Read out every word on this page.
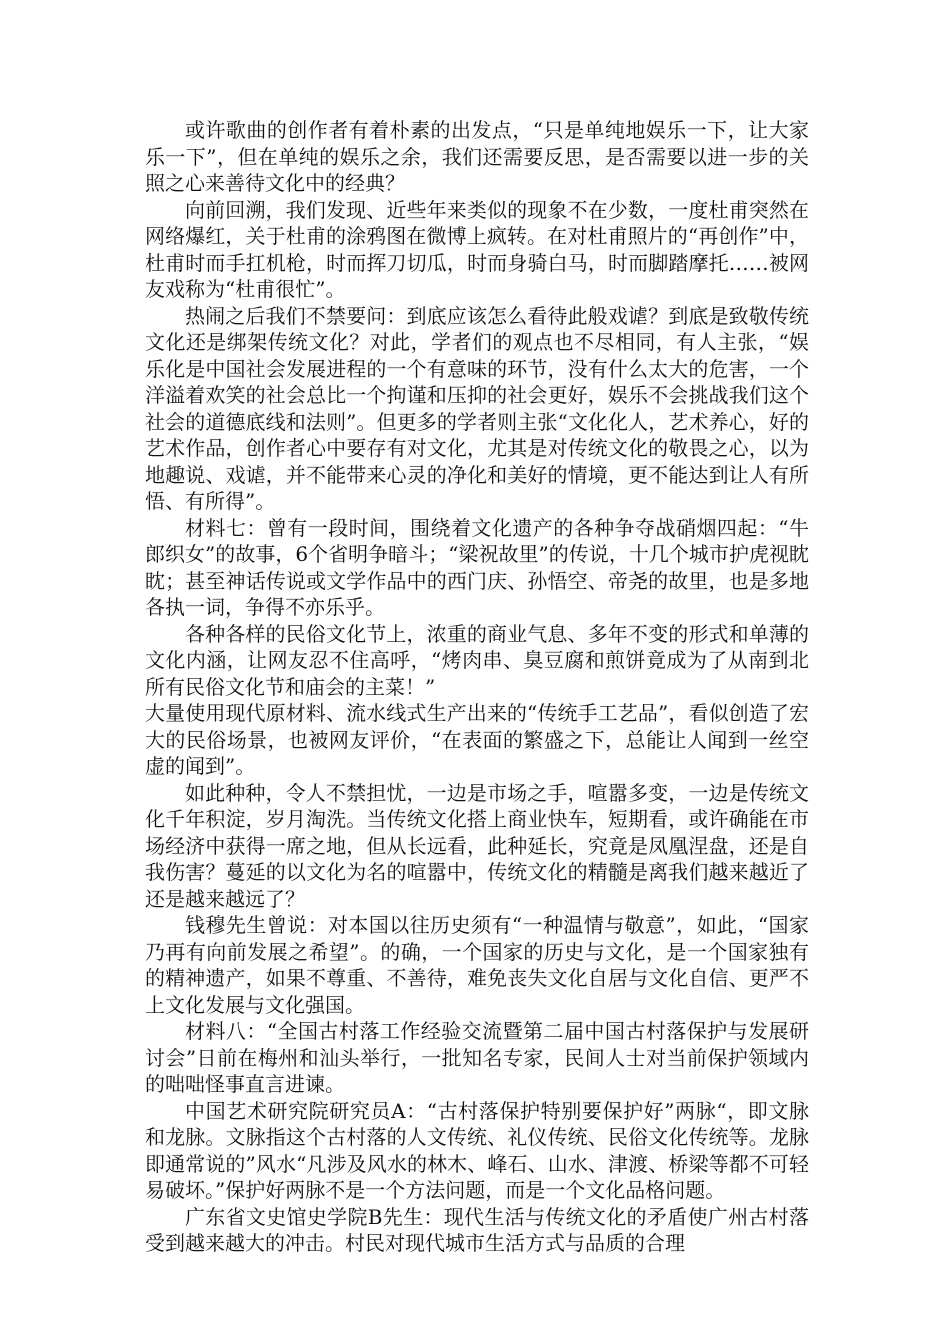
或许歌曲的创作者有着朴素的出发点，“只是单纯地娱乐一下，让大家乐一下”，但在单纯的娱乐之余，我们还需要反思，是否需要以进一步的关照之心来善待文化中的经典？

向前回溯，我们发现、近些年来类似的现象不在少数，一度杜甫突然在网络爆红，关于杜甫的涂鸦图在微博上疯转。在对杜甫照片的“再创作”中，杜甫时而手扛机枪，时而挥刀切瓜，时而身骑白马，时而脚踏摩托……被网友戏称为“杜甫很忙”。

热闹之后我们不禁要问：到底应该怎么看待此般戏谑？到底是致敬传统文化还是绑架传统文化？对此，学者们的观点也不尽相同，有人主张，“娱乐化是中国社会发展进程的一个有意味的环节，没有什么太大的危害，一个洋溢着欢笑的社会总比一个拘谨和压抑的社会更好，娱乐不会挑战我们这个社会的道德底线和法则”。但更多的学者则主张“文化化人，艺术养心，好的艺术作品，创作者心中要存有对文化，尤其是对传统文化的敬畏之心，以为地趣说、戏谑，并不能带来心灵的净化和美好的情境，更不能达到让人有所悟、有所得”。

材料七：曾有一段时间，围绕着文化遗产的各种争夺战硝烟四起：“牛郎织女”的故事，6个省明争暗斗；“梁祝故里”的传说，十几个城市护虎视眈眈；甚至神话传说或文学作品中的西门庆、孙悟空、帝尧的故里，也是多地各执一词，争得不亦乐乎。

各种各样的民俗文化节上，浓重的商业气息、多年不变的形式和单薄的文化内涵，让网友忍不住高呼，“烤肉串、臭豆腐和煎饼竟成为了从南到北所有民俗文化节和庙会的主菜！”

大量使用现代原材料、流水线式生产出来的“传统手工艺品”，看似创造了宏大的民俗场景，也被网友评价，“在表面的繁盛之下，总能让人闻到一丝空虚的闻到”。

如此种种，令人不禁担忧，一边是市场之手，喧嚣多变，一边是传统文化千年积淀，岁月淘洗。当传统文化搭上商业快车，短期看，或许确能在市场经济中获得一席之地，但从长远看，此种延长，究竟是凤凰涅盘，还是自我伤害？蔓延的以文化为名的喧嚣中，传统文化的精髓是离我们越来越近了还是越来越远了？

钱穆先生曾说：对本国以往历史须有“一种温情与敬意”，如此，“国家乃再有向前发展之希望”。的确，一个国家的历史与文化，是一个国家独有的精神遗产，如果不尊重、不善待，难免丧失文化自居与文化自信、更严不上文化发展与文化强国。

材料八：“全国古村落工作经验交流暨第二届中国古村落保护与发展研讨会”日前在梅州和汕头举行，一批知名专家，民间人士对当前保护领域内的咄咄怪事直言进谏。

中国艺术研究院研究员A：“古村落保护特别要保护好”两脉“，即文脉和龙脉。文脉指这个古村落的人文传统、礼仪传统、民俗文化传统等。龙脉即通常说的”风水“凡涉及风水的林木、峰石、山水、津渡、桥梁等都不可轻易破坏。”保护好两脉不是一个方法问题，而是一个文化品格问题。

广东省文史馆史学院B先生：现代生活与传统文化的矛盾使广州古村落受到越来越大的冲击。村民对现代城市生活方式与品质的合理
